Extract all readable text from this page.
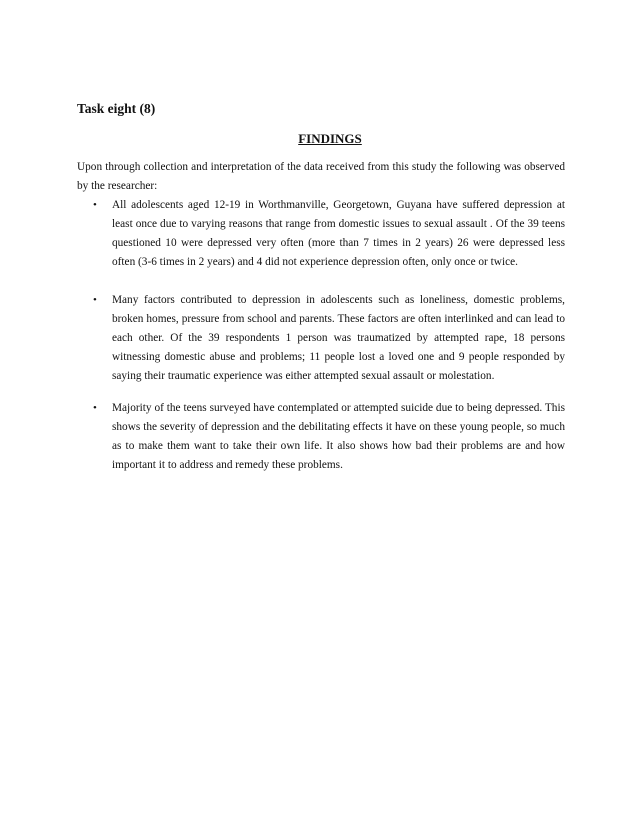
Task eight (8)

FINDINGS

Upon through collection and interpretation of the data received from this study the following was observed by the researcher:

• All adolescents aged 12-19 in Worthmanville, Georgetown, Guyana have suffered depression at least once due to varying reasons that range from domestic issues to sexual assault . Of the 39 teens questioned 10 were depressed very often (more than 7 times in 2 years) 26 were depressed less often (3-6 times in 2 years) and 4 did not experience depression often, only once or twice.

• Many factors contributed to depression in adolescents such as loneliness, domestic problems, broken homes, pressure from school and parents. These factors are often interlinked and can lead to each other. Of the 39 respondents 1 person was traumatized by attempted rape, 18 persons witnessing domestic abuse and problems; 11 people lost a loved one and 9 people responded by saying their traumatic experience was either attempted sexual assault or molestation.

• Majority of the teens surveyed have contemplated or attempted suicide due to being depressed. This shows the severity of depression and the debilitating effects it have on these young people, so much as to make them want to take their own life. It also shows how bad their problems are and how important it to address and remedy these problems.
